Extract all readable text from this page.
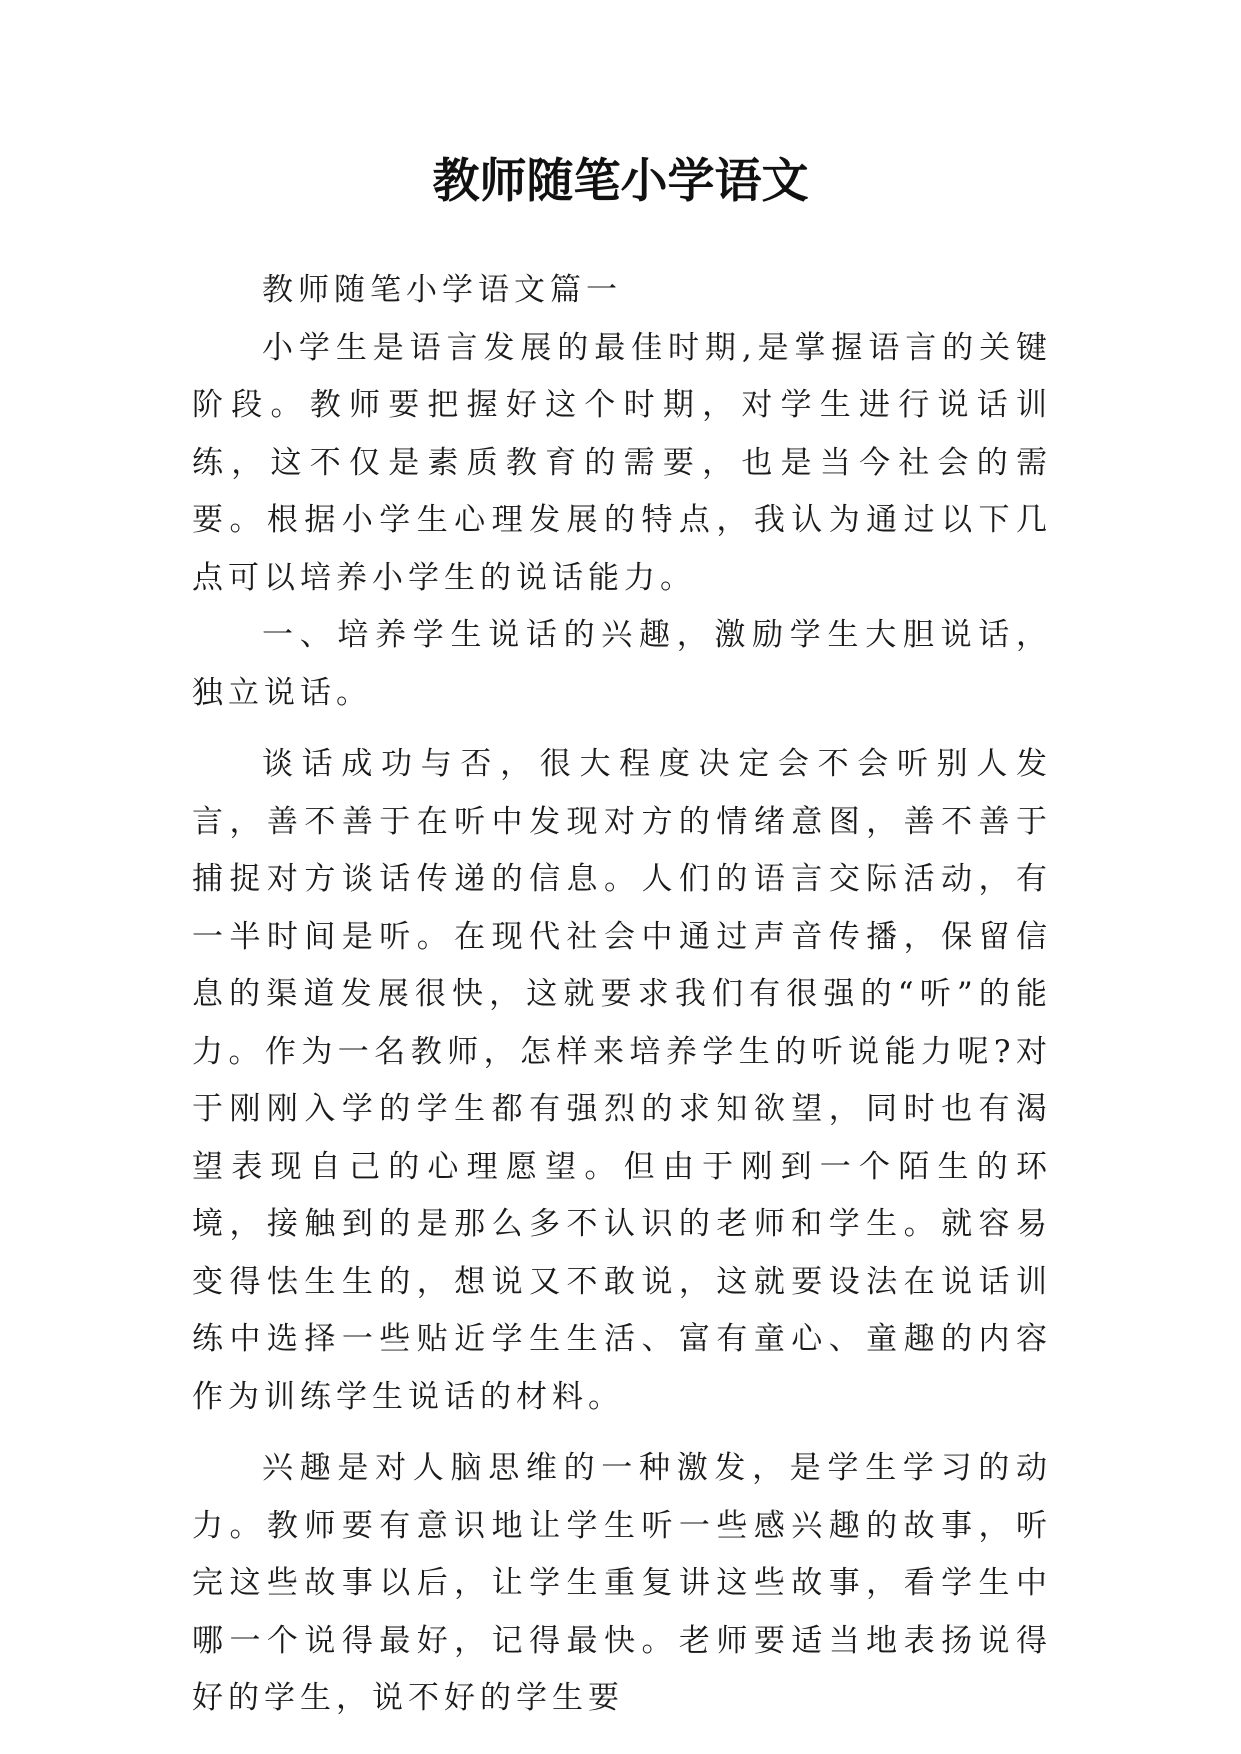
教师随笔小学语文

教师随笔小学语文篇一

小学生是语言发展的最佳时期,是掌握语言的关键阶段。教师要把握好这个时期，对学生进行说话训练，这不仅是素质教育的需要，也是当今社会的需要。根据小学生心理发展的特点，我认为通过以下几点可以培养小学生的说话能力。

一、培养学生说话的兴趣，激励学生大胆说话，独立说话。

谈话成功与否，很大程度决定会不会听别人发言，善不善于在听中发现对方的情绪意图，善不善于捕捉对方谈话传递的信息。人们的语言交际活动，有一半时间是听。在现代社会中通过声音传播，保留信息的渠道发展很快，这就要求我们有很强的“听”的能力。作为一名教师，怎样来培养学生的听说能力呢?对于刚刚入学的学生都有强烈的求知欲望，同时也有渴望表现自己的心理愿望。但由于刚到一个陌生的环境，接触到的是那么多不认识的老师和学生。就容易变得怯生生的，想说又不敢说，这就要设法在说话训练中选择一些贴近学生生活、富有童心、童趣的内容作为训练学生说话的材料。

兴趣是对人脑思维的一种激发，是学生学习的动力。教师要有意识地让学生听一些感兴趣的故事，听完这些故事以后，让学生重复讲这些故事，看学生中哪一个说得最好，记得最快。老师要适当地表扬说得好的学生，说不好的学生要
